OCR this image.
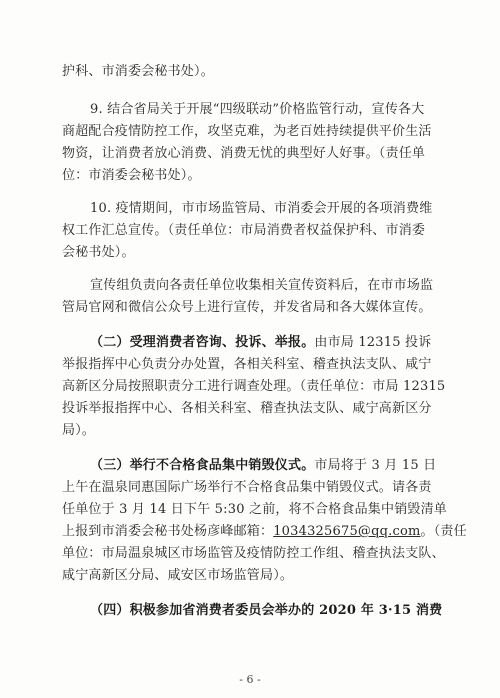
护科、市消委会秘书处）。
9. 结合省局关于开展“四级联动”价格监管行动，宣传各大
商超配合疫情防控工作，攻坚克难，为老百姓持续提供平价生活
物资，让消费者放心消费、消费无忧的典型好人好事。（责任单
位：市消委会秘书处）。
10. 疫情期间，市市场监管局、市消委会开展的各项消费维
权工作汇总宣传。（责任单位：市局消费者权益保护科、市消委
会秘书处）。
宣传组负责向各责任单位收集相关宣传资料后，在市市场监
管局官网和微信公众号上进行宣传，并发省局和各大媒体宣传。
（二）受理消费者咨询、投诉、举报。由市局 12315 投诉
举报指挥中心负责分办处置，各相关科室、稽查执法支队、咸宁
高新区分局按照职责分工进行调查处理。（责任单位：市局 12315
投诉举报指挥中心、各相关科室、稽查执法支队、咸宁高新区分
局）。
（三）举行不合格食品集中销毁仪式。市局将于 3 月 15 日
上午在温泉同惠国际广场举行不合格食品集中销毁仪式。请各责
任单位于 3 月 14 日下午 5:30 之前，将不合格食品集中销毁清单
上报到市消委会秘书处杨彦峰邮箱：1034325675@qq.com。（责任
单位：市局温泉城区市场监管及疫情防控工作组、稽查执法支队、
咸宁高新区分局、咸安区市场监管局）。
（四）积极参加省消费者委员会举办的 2020 年 3·15 消费
- 6 -
